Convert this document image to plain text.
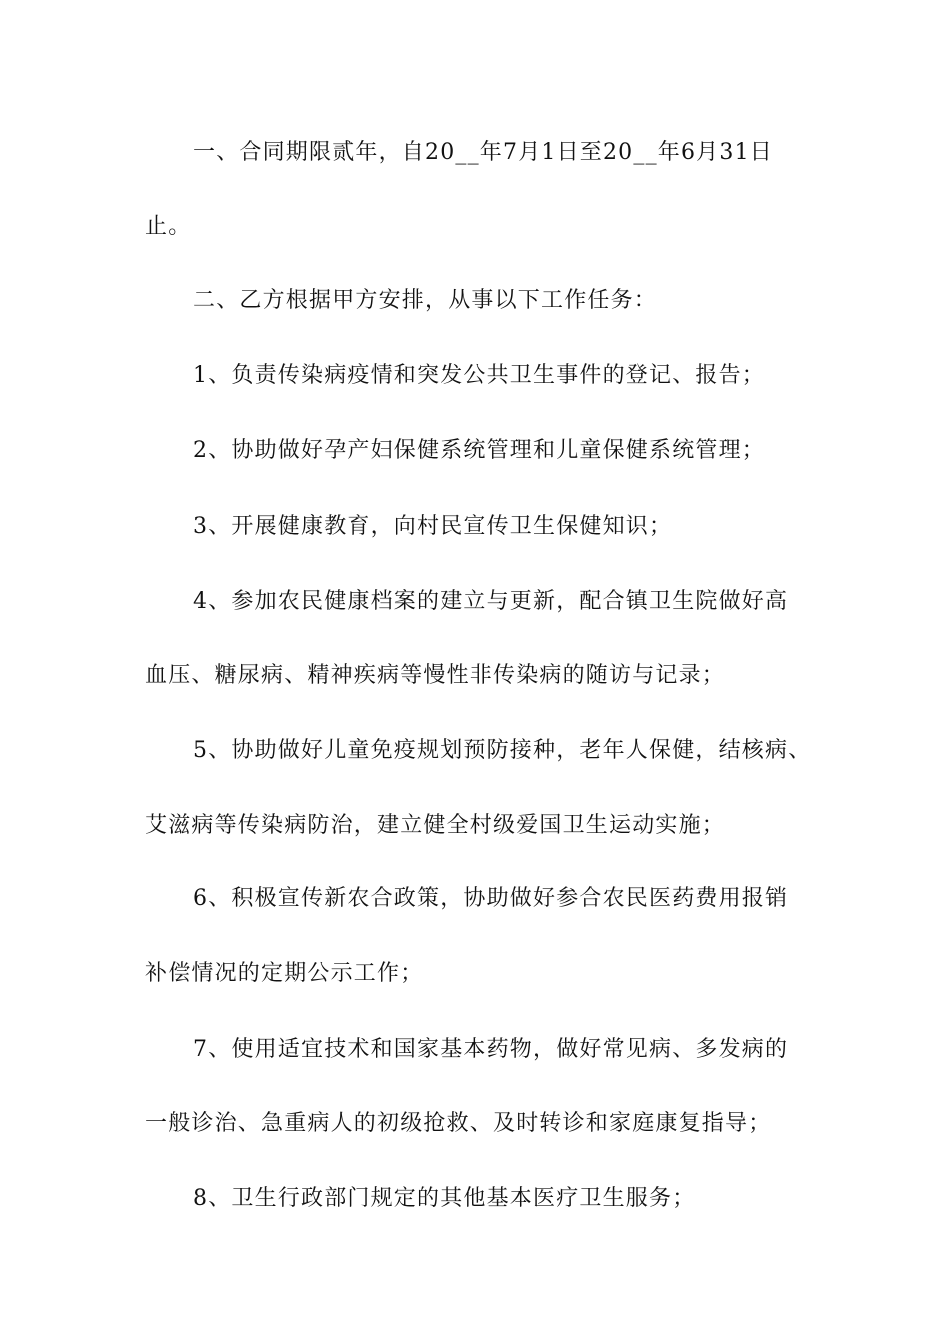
一、合同期限贰年，自20__年7月1日至20__年6月31日
止。
二、乙方根据甲方安排，从事以下工作任务：
1、负责传染病疫情和突发公共卫生事件的登记、报告；
2、协助做好孕产妇保健系统管理和儿童保健系统管理；
3、开展健康教育，向村民宣传卫生保健知识；
4、参加农民健康档案的建立与更新，配合镇卫生院做好高
血压、糖尿病、精神疾病等慢性非传染病的随访与记录；
5、协助做好儿童免疫规划预防接种，老年人保健，结核病、
艾滋病等传染病防治，建立健全村级爱国卫生运动实施；
6、积极宣传新农合政策，协助做好参合农民医药费用报销
补偿情况的定期公示工作；
7、使用适宜技术和国家基本药物，做好常见病、多发病的
一般诊治、急重病人的初级抢救、及时转诊和家庭康复指导；
8、卫生行政部门规定的其他基本医疗卫生服务；
